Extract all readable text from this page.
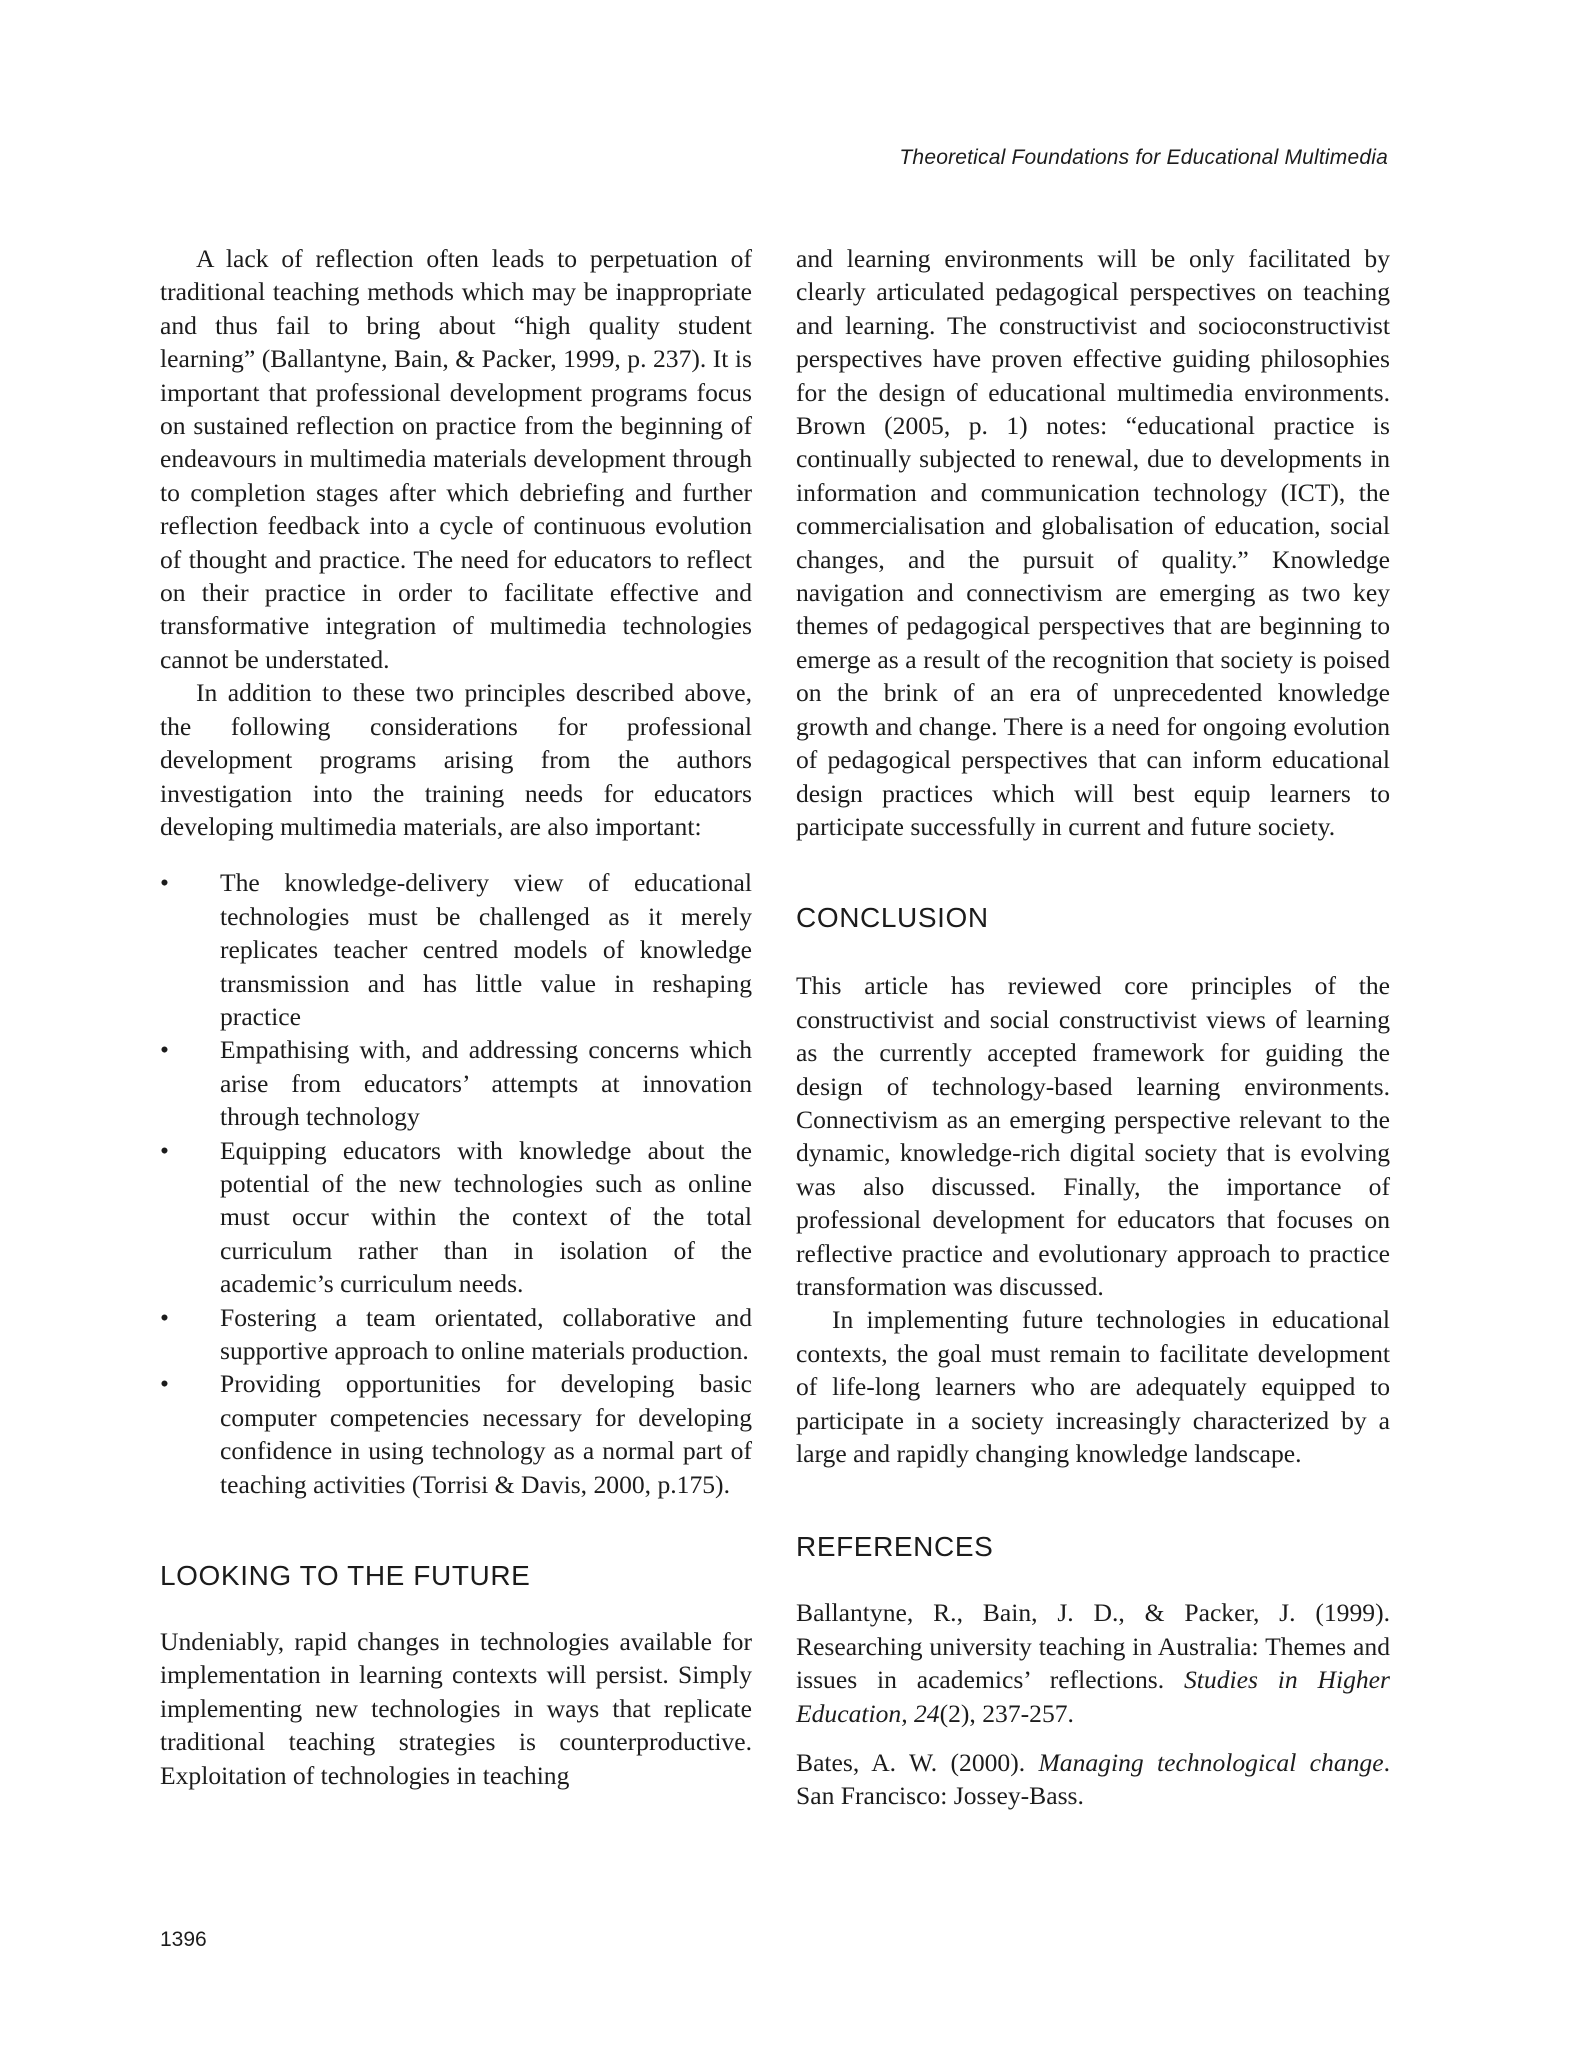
Theoretical Foundations for Educational Multimedia

A lack of reflection often leads to perpetuation of traditional teaching methods which may be inappropriate and thus fail to bring about “high quality student learning” (Ballantyne, Bain, & Packer, 1999, p. 237). It is important that professional development programs focus on sustained reflection on practice from the beginning of endeavours in multimedia materials development through to completion stages after which debriefing and further reflection feedback into a cycle of continuous evolution of thought and practice. The need for educators to reflect on their practice in order to facilitate effective and transformative integration of multimedia technologies cannot be understated.

In addition to these two principles described above, the following considerations for professional development programs arising from the authors investigation into the training needs for educators developing multimedia materials, are also important:

• The knowledge-delivery view of educational technologies must be challenged as it merely replicates teacher centred models of knowledge transmission and has little value in reshaping practice
• Empathising with, and addressing concerns which arise from educators’ attempts at innovation through technology
• Equipping educators with knowledge about the potential of the new technologies such as online must occur within the context of the total curriculum rather than in isolation of the academic’s curriculum needs.
• Fostering a team orientated, collaborative and supportive approach to online materials production.
• Providing opportunities for developing basic computer competencies necessary for developing confidence in using technology as a normal part of teaching activities (Torrisi & Davis, 2000, p.175).
LOOKING TO THE FUTURE

Undeniably, rapid changes in technologies available for implementation in learning contexts will persist. Simply implementing new technologies in ways that replicate traditional teaching strategies is counterproductive. Exploitation of technologies in teaching

and learning environments will be only facilitated by clearly articulated pedagogical perspectives on teaching and learning. The constructivist and socioconstructivist perspectives have proven effective guiding philosophies for the design of educational multimedia environments. Brown (2005, p. 1) notes: “educational practice is continually subjected to renewal, due to developments in information and communication technology (ICT), the commercialisation and globalisation of education, social changes, and the pursuit of quality.” Knowledge navigation and connectivism are emerging as two key themes of pedagogical perspectives that are beginning to emerge as a result of the recognition that society is poised on the brink of an era of unprecedented knowledge growth and change. There is a need for ongoing evolution of pedagogical perspectives that can inform educational design practices which will best equip learners to participate successfully in current and future society.

CONCLUSION

This article has reviewed core principles of the constructivist and social constructivist views of learning as the currently accepted framework for guiding the design of technology-based learning environments. Connectivism as an emerging perspective relevant to the dynamic, knowledge-rich digital society that is evolving was also discussed. Finally, the importance of professional development for educators that focuses on reflective practice and evolutionary approach to practice transformation was discussed.

In implementing future technologies in educational contexts, the goal must remain to facilitate development of life-long learners who are adequately equipped to participate in a society increasingly characterized by a large and rapidly changing knowledge landscape.

REFERENCES

Ballantyne, R., Bain, J. D., & Packer, J. (1999). Researching university teaching in Australia: Themes and issues in academics’ reflections. Studies in Higher Education, 24(2), 237-257.

Bates, A. W. (2000). Managing technological change. San Francisco: Jossey-Bass.

1396
